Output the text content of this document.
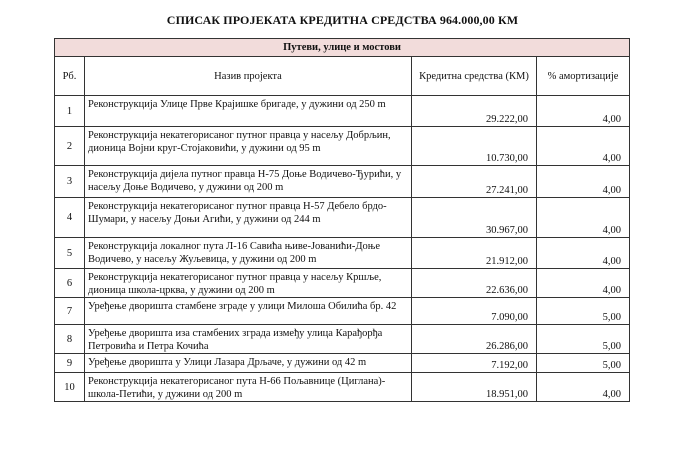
СПИСАК ПРОЈЕКАТА КРЕДИТНА СРЕДСТВА 964.000,00 КМ
Путеви, улице и мостови			
Рб.	Назив пројекта	Кредитна средства (КМ)	% амортизације
1	Реконструкција Улице Прве Крајишке бригаде, у дужини од 250 m	29.222,00	4,00
2	Реконструкција некатегорисаног путног правца у насељу Добрљин, дионица Војни круг-Стојаковићи, у дужини од 95 m	10.730,00	4,00
3	Реконструкција дијела путног правца Н-75 Доње Водичево-Ђурићи, у насељу Доње Водичево, у дужини од 200 m	27.241,00	4,00
4	Реконструкција некатегорисаног путног правца Н-57 Дебело брдо-Шумари, у насељу Доњи Агићи, у дужини од 244 m	30.967,00	4,00
5	Реконструкција локалног пута Л-16 Савића њиве-Јованићи-Доње Водичево, у насељу Жуљевица, у дужини од 200 m	21.912,00	4,00
6	Реконструкција некатегорисаног путног правца у насељу Кршље, дионица школа-црква, у дужини од 200 m	22.636,00	4,00
7	Уређење дворишта стамбене зграде у улици Милоша Обилића бр. 42	7.090,00	5,00
8	Уређење дворишта иза стамбених зграда између улица Карађорђа Петровића и Петра Кочића	26.286,00	5,00
9	Уређење дворишта у Улици Лазара Дрљаче, у дужини од 42 m	7.192,00	5,00
10	Реконструкција некатегорисаног пута Н-66 Пољавнице (Циглана)-школа-Петићи, у дужини од 200 m	18.951,00	4,00
